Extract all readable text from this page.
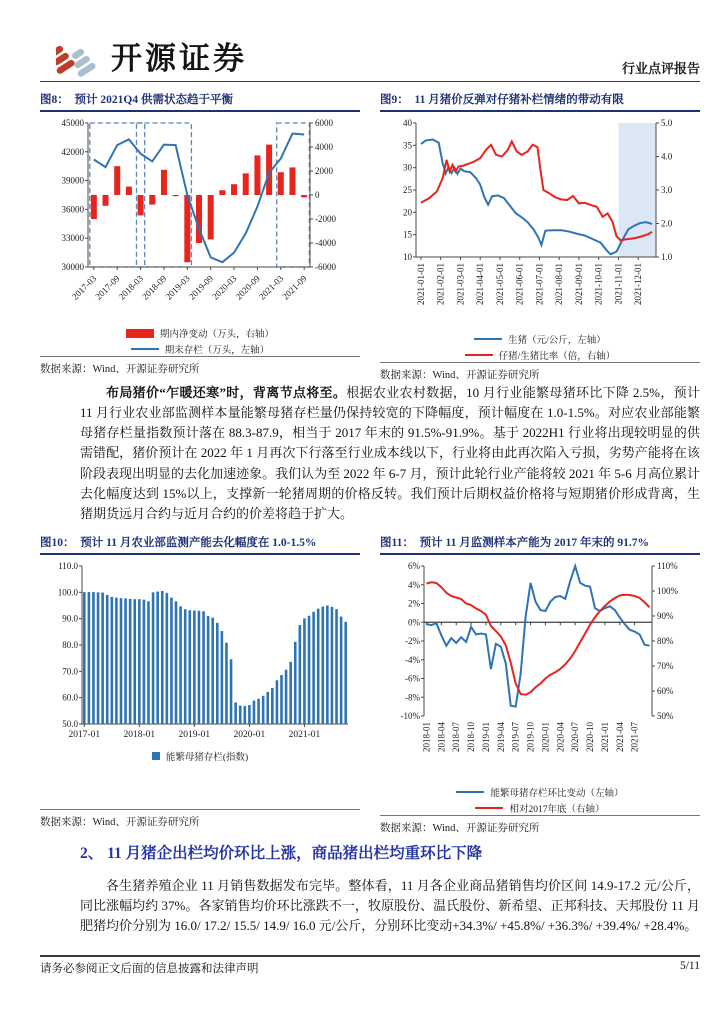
开源证券	行业点评报告
图8：  预计 2021Q4 供需状态趋于平衡
45000
42000
39000
36000
33000
30000
6000
4000
2000
0
-2000
-4000
-6000
2017-03
2017-09
2018-03
2018-09
2019-03
2019-09
2020-03
2020-09
2021-03
2021-09
期内净变动（万头，右轴）
期末存栏（万头，左轴）
数据来源：Wind、开源证券研究所
图9：  11 月猪价反弹对仔猪补栏情绪的带动有限
40
35
30
25
20
15
10
5.0
4.0
3.0
2.0
1.0
2021-01-01 2021-02-01 2021-03-01 2021-04-01 2021-05-01 2021-06-01 2021-07-01 2021-08-01 2021-09-01 2021-10-01 2021-11-01 2021-12-01
生猪（元/公斤，左轴）
仔猪/生猪比率（倍，右轴）
数据来源：Wind、开源证券研究所

布局猪价“乍暖还寒”时，背离节点将至。根据农业农村数据，10 月行业能繁母猪环比下降 2.5%，预计 11 月行业农业部监测样本量能繁母猪存栏量仍保持较宽的下降幅度，预计幅度在 1.0-1.5%。对应农业部能繁母猪存栏量指数预计落在 88.3-87.9，相当于 2017 年末的 91.5%-91.9%。基于 2022H1 行业将出现较明显的供需错配，猪价预计在 2022 年 1 月再次下行落至行业成本线以下，行业将由此再次陷入亏损，劣势产能将在该阶段表现出明显的去化加速迹象。我们认为至 2022 年 6-7 月，预计此轮行业产能将较 2021 年 5-6 月高位累计去化幅度达到 15%以上，支撑新一轮猪周期的价格反转。我们预计后期权益价格将与短期猪价形成背离，生猪期货远月合约与近月合约的价差将趋于扩大。

图10：  预计 11 月农业部监测产能去化幅度在 1.0-1.5%
110.0
100.0
90.0
80.0
70.0
60.0
50.0
2017-01 2018-01 2019-01 2020-01 2021-01
能繁母猪存栏(指数)
数据来源：Wind、开源证券研究所
图11：  预计 11 月监测样本产能为 2017 年末的 91.7%
6%
4%
2%
0%
-2%
-4%
-6%
-8%
-10%
110%
100%
90%
80%
70%
60%
50%
2018-01 2018-04 2018-07 2018-10 2019-01 2019-04 2019-07 2019-10 2020-01 2020-04 2020-07 2020-10 2021-01 2021-04 2021-07
能繁母猪存栏环比变动（左轴）
相对2017年底（右轴）
数据来源：Wind、开源证券研究所
2、 11 月猪企出栏均价环比上涨，商品猪出栏均重环比下降

各生猪养殖企业 11 月销售数据发布完毕。整体看，11 月各企业商品猪销售均价区间 14.9-17.2 元/公斤，同比涨幅均约 37%。各家销售均价环比涨跌不一，牧原股份、温氏股份、新希望、正邦科技、天邦股份 11 月肥猪均价分别为 16.0/ 17.2/ 15.5/ 14.9/ 16.0 元/公斤，分别环比变动+34.3%/ +45.8%/ +36.3%/ +39.4%/ +28.4%。

请务必参阅正文后面的信息披露和法律声明	5/11
